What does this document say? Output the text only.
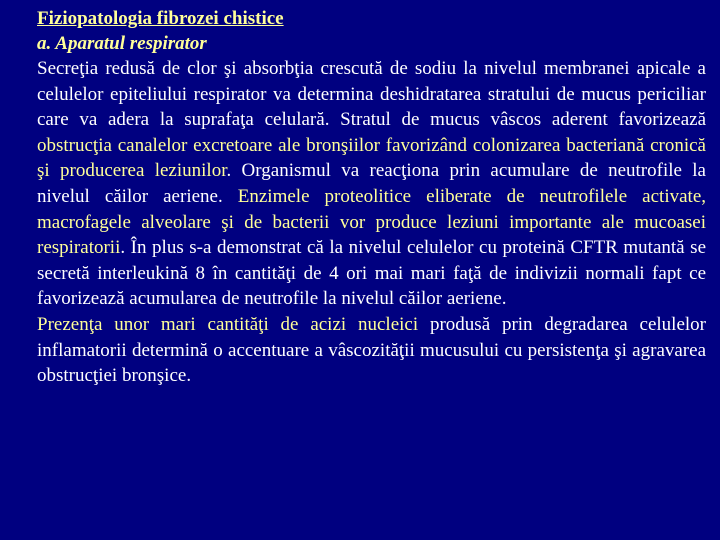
Fiziopatologia fibrozei chistice
a. Aparatul respirator

Secreţia redusă de clor şi absorbţia crescută de sodiu la nivelul membranei apicale a celulelor epiteliului respirator va determina deshidratarea stratului de mucus periciliar care va adera la suprafaţa celulară. Stratul de mucus vâscos aderent favorizează obstrucţia canalelor excretoare ale bronşiilor favorizând colonizarea bacteriană cronică şi producerea leziunilor. Organismul va reacţiona prin acumulare de neutrofile la nivelul căilor aeriene. Enzimele proteolitice eliberate de neutrofilele activate, macrofagele alveolare şi de bacterii vor produce leziuni importante ale mucoasei respiratorii. În plus s-a demonstrat că la nivelul celulelor cu proteină CFTR mutantă se secretă interleukină 8 în cantităţi de 4 ori mai mari faţă de indivizii normali fapt ce favorizează acumularea de neutrofile la nivelul căilor aeriene.

Prezenţa unor mari cantităţi de acizi nucleici produsă prin degradarea celulelor inflamatorii determină o accentuare a vâscozităţii mucusului cu persistenţa şi agravarea obstrucţiei bronşice.
